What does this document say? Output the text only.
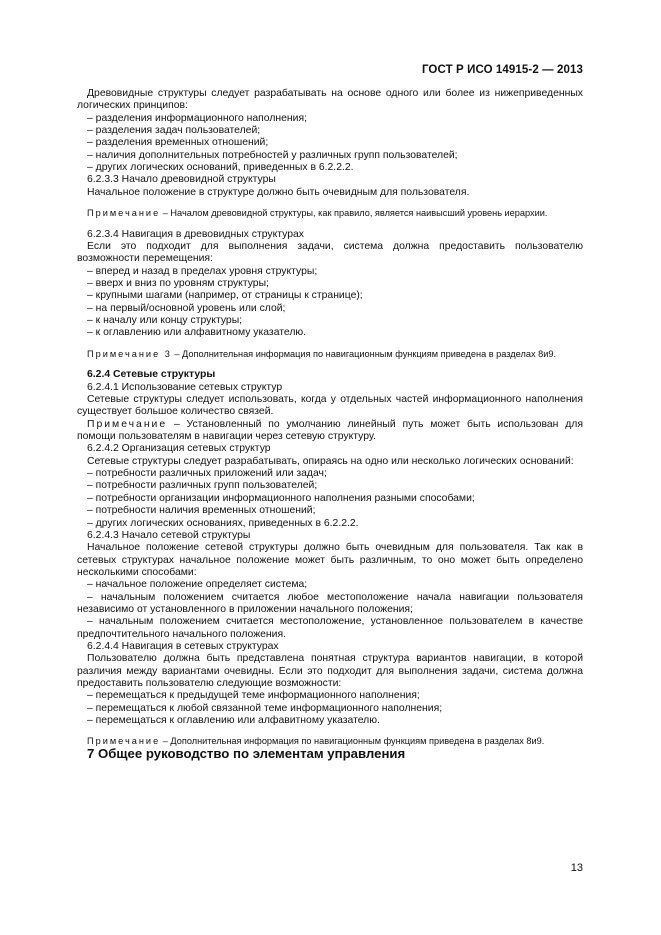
ГОСТ Р ИСО 14915-2 — 2013

Древовидные структуры следует разрабатывать на основе одного или более из нижеприведенных логических принципов:

– разделения информационного наполнения;

– разделения задач пользователей;

– разделения временных отношений;

– наличия дополнительных потребностей у различных групп пользователей;

– других логических оснований, приведенных в 6.2.2.2.

6.2.3.3 Начало древовидной структуры

Начальное положение в структуре должно быть очевидным для пользователя.

Примечание – Началом древовидной структуры, как правило, является наивысший уровень иерархии.

6.2.3.4 Навигация в древовидных структурах

Если это подходит для выполнения задачи, система должна предоставить пользователю возможности перемещения:

– вперед и назад в пределах уровня структуры;

– вверх и вниз по уровням структуры;

– крупными шагами (например, от страницы к странице);

– на первый/основной уровень или слой;

– к началу или концу структуры;

– к оглавлению или алфавитному указателю.

Примечание 3 – Дополнительная информация по навигационным функциям приведена в разделах 8и9.

6.2.4 Сетевые структуры

6.2.4.1 Использование сетевых структур

Сетевые структуры следует использовать, когда у отдельных частей информационного наполнения существует большое количество связей.

Примечание – Установленный по умолчанию линейный путь может быть использован для помощи пользователям в навигации через сетевую структуру.

6.2.4.2 Организация сетевых структур

Сетевые структуры следует разрабатывать, опираясь на одно или несколько логических оснований:

– потребности различных приложений или задач;

– потребности различных групп пользователей;

– потребности организации информационного наполнения разными способами;

– потребности наличия временных отношений;

– других логических основаниях, приведенных в 6.2.2.2.

6.2.4.3 Начало сетевой структуры

Начальное положение сетевой структуры должно быть очевидным для пользователя. Так как в сетевых структурах начальное положение может быть различным, то оно может быть определено несколькими способами:

– начальное положение определяет система;

– начальным положением считается любое местоположение начала навигации пользователя независимо от установленного в приложении начального положения;

– начальным положением считается местоположение, установленное пользователем в качестве предпочтительного начального положения.

6.2.4.4 Навигация в сетевых структурах

Пользователю должна быть представлена понятная структура вариантов навигации, в которой различия между вариантами очевидны. Если это подходит для выполнения задачи, система должна предоставить пользователю следующие возможности:

– перемещаться к предыдущей теме информационного наполнения;

– перемещаться к любой связанной теме информационного наполнения;

– перемещаться к оглавлению или алфавитному указателю.

Примечание – Дополнительная информация по навигационным функциям приведена в разделах 8и9.

7 Общее руководство по элементам управления

13
